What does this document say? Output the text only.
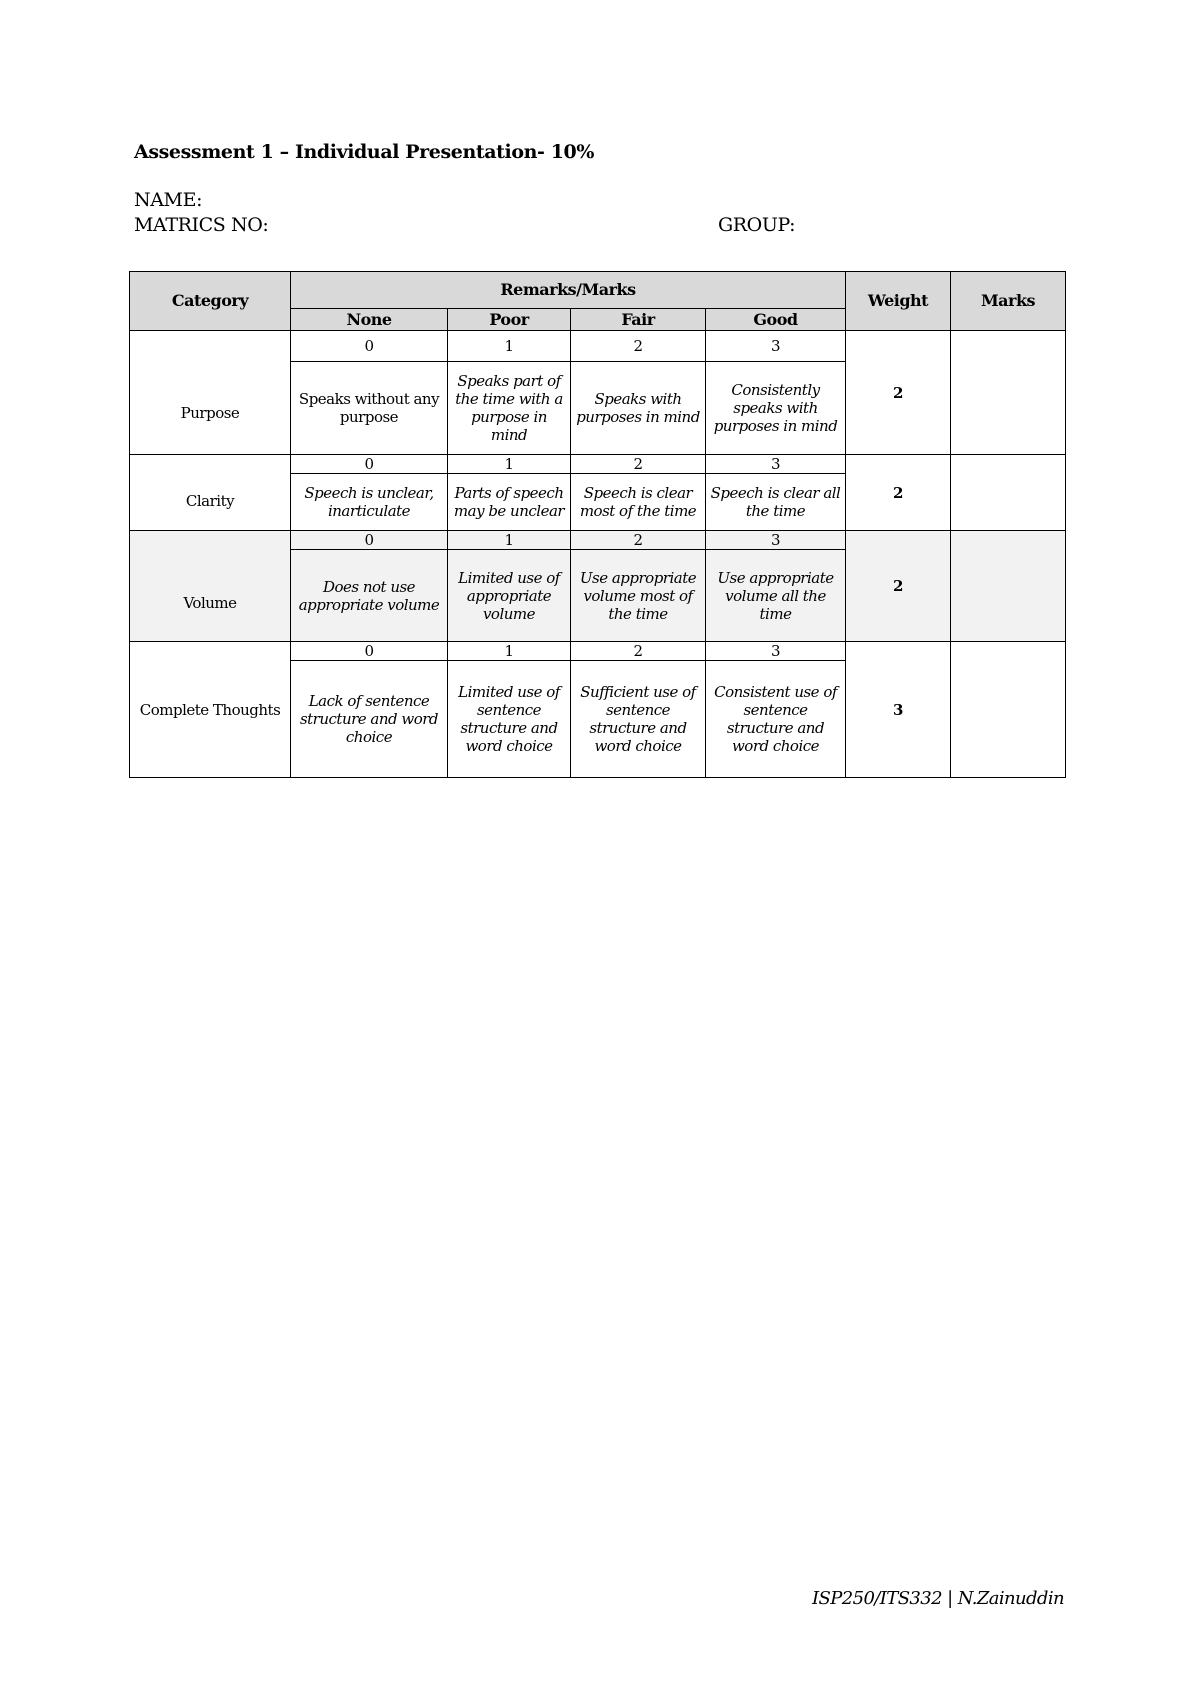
Assessment 1 – Individual Presentation- 10%
NAME:
MATRICS NO:	GROUP:
Category	Remarks/Marks				Weight	Marks
	None	Poor	Fair	Good		
Purpose	0	1	2	3	2	
	Speaks without any purpose	Speaks part of the time with a purpose in mind	Speaks with purposes in mind	Consistently speaks with purposes in mind		
Clarity	0	1	2	3	2	
	Speech is unclear, inarticulate	Parts of speech may be unclear	Speech is clear most of the time	Speech is clear all the time		
Volume	0	1	2	3	2	
	Does not use appropriate volume	Limited use of appropriate volume	Use appropriate volume most of the time	Use appropriate volume all the time		
Complete Thoughts	0	1	2	3	3	
	Lack of sentence structure and word choice	Limited use of sentence structure and word choice	Sufficient use of sentence structure and word choice	Consistent use of sentence structure and word choice		
ISP250/ITS332 | N.Zainuddin
